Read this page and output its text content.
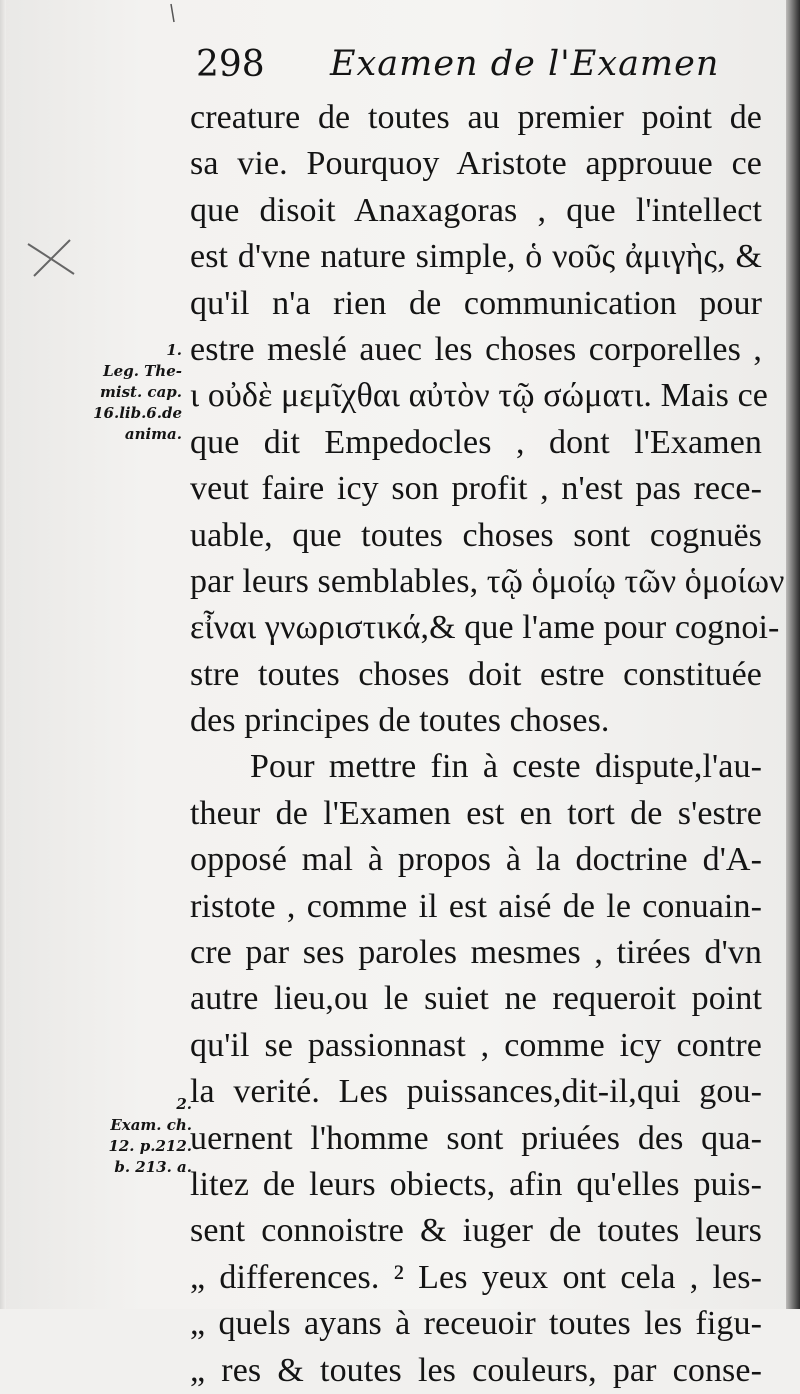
298 Examen de l'Examen
creature de toutes au premier point de
sa vie. Pourquoy Aristote approuue ce
que disoit Anaxagoras , que l'intellect
est d'vne nature simple, ὁ νοῦς ἀμιγὴς, &
qu'il n'a rien de communication pour
estre meslé auec les choses corporelles ,
ι οὐδὲ μεμῖχθαι αὐτὸν τῷ σώματι. Mais ce
que dit Empedocles , dont l'Examen
veut faire icy son profit , n'est pas rece-
uable, que toutes choses sont cognuës
par leurs semblables, τῷ ὁμοίῳ τῶν ὁμοίων
εἶναι γνωριστικά,& que l'ame pour cognoi-
stre toutes choses doit estre constituée
des principes de toutes choses.
Pour mettre fin à ceste dispute,l'au-
theur de l'Examen est en tort de s'estre
opposé mal à propos à la doctrine d'A-
ristote , comme il est aisé de le conuain-
cre par ses paroles mesmes , tirées d'vn
autre lieu,ou le suiet ne requeroit point
qu'il se passionnast , comme icy contre
la verité. Les puissances,dit-il,qui gou-
uernent l'homme sont priuées des qua-
litez de leurs obiects, afin qu'elles puis-
sent connoistre & iuger de toutes leurs
„ differences. ² Les yeux ont cela , les-
„ quels ayans à receuoir toutes les figu-
„ res & toutes les couleurs, par conse-
1.
Leg. The-
mist. cap.
16.lib.6.de
anima.
2.
Exam. ch.
12. p.212.
b. 213. a.
